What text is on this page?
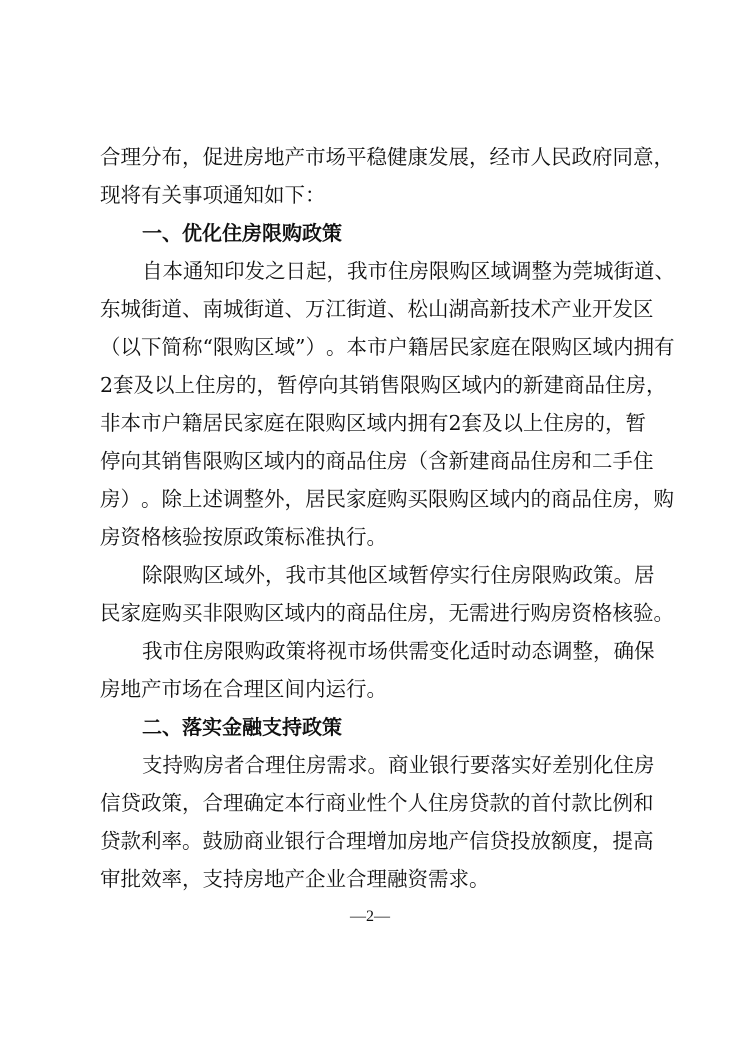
合 理 分 布 ， 促 进 房 地 产 市 场 平 稳 健 康 发 展 ， 经 市 人 民 政 府 同 意 ，
现将有关事项通知如下：
一、优化住房限购政策
自 本 通 知 印 发 之 日 起 ， 我 市 住 房 限 购 区 域 调 整 为 莞 城 街 道 、
东 城 街 道 、 南 城 街 道 、 万 江 街 道 、 松 山 湖 高 新 技 术 产 业 开 发 区
（ 以 下 简 称 “ 限 购 区 域 ” ） 。 本 市 户 籍 居 民 家 庭 在 限 购 区 域 内 拥 有
2 套 及 以 上 住 房 的 ， 暂 停 向 其 销 售 限 购 区 域 内 的 新 建 商 品 住 房 ，
非 本 市 户 籍 居 民 家 庭 在 限 购 区 域 内 拥 有 2 套 及 以 上 住 房 的 ， 暂
停 向 其 销 售 限 购 区 域 内 的 商 品 住 房 （ 含 新 建 商 品 住 房 和 二 手 住
房 ） 。 除 上 述 调 整 外 ， 居 民 家 庭 购 买 限 购 区 域 内 的 商 品 住 房 ， 购
房资格核验按原政策标准执行。
除 限 购 区 域 外 ， 我 市 其 他 区 域 暂 停 实 行 住 房 限 购 政 策 。 居
民 家 庭 购 买 非 限 购 区 域 内 的 商 品 住 房 ， 无 需 进 行 购 房 资 格 核 验 。
我 市 住 房 限 购 政 策 将 视 市 场 供 需 变 化 适 时 动 态 调 整 ， 确 保
房地产市场在合理区间内运行。
二、落实金融支持政策
支 持 购 房 者 合 理 住 房 需 求 。 商 业 银 行 要 落 实 好 差 别 化 住 房
信 贷 政 策 ， 合 理 确 定 本 行 商 业 性 个 人 住 房 贷 款 的 首 付 款 比 例 和
贷 款 利 率 。 鼓 励 商 业 银 行 合 理 增 加 房 地 产 信 贷 投 放 额 度 ， 提 高
审批效率，支持房地产企业合理融资需求。
—2—
